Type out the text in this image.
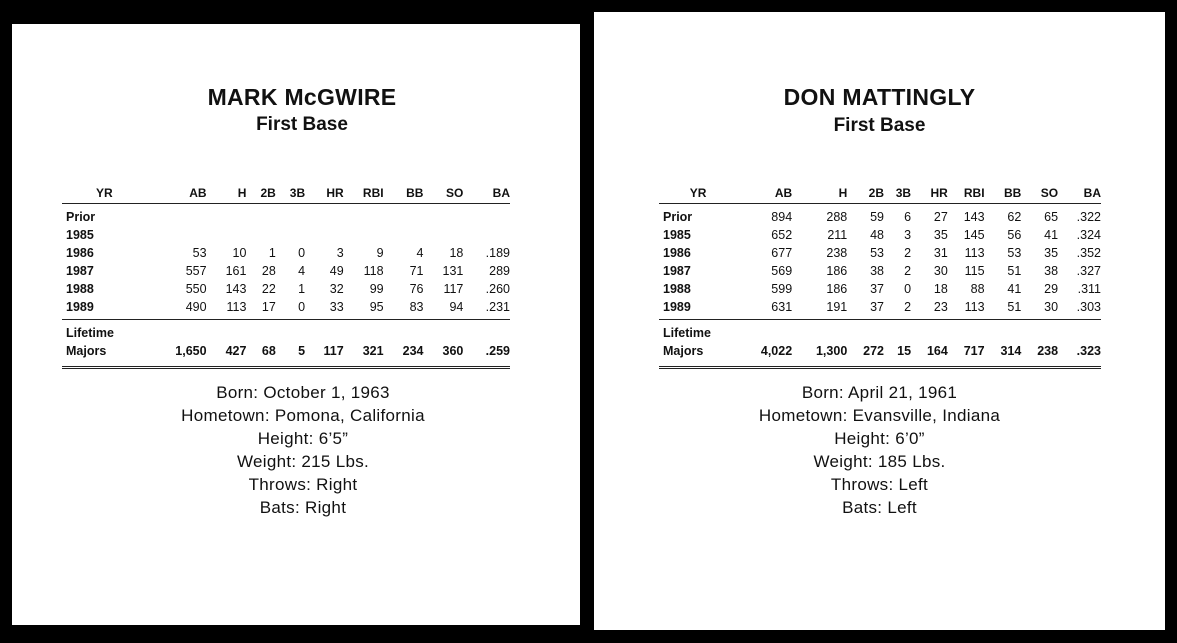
MARK McGWIRE
First Base
YR	AB	H	2B	3B	HR	RBI	BB	SO	BA
Prior									
1985									
1986	53	10	1	0	3	9	4	18	.189
1987	557	161	28	4	49	118	71	131	289
1988	550	143	22	1	32	99	76	117	.260
1989	490	113	17	0	33	95	83	94	.231
Lifetime									
Majors	1,650	427	68	5	117	321	234	360	.259
Born: October 1, 1963
Hometown: Pomona, California
Height: 6’5”
Weight: 215 Lbs.
Throws: Right
Bats: Right
DON MATTINGLY
First Base
YR	AB	H	2B	3B	HR	RBI	BB	SO	BA
Prior	894	288	59	6	27	143	62	65	.322
1985	652	211	48	3	35	145	56	41	.324
1986	677	238	53	2	31	113	53	35	.352
1987	569	186	38	2	30	115	51	38	.327
1988	599	186	37	0	18	88	41	29	.311
1989	631	191	37	2	23	113	51	30	.303
Lifetime									
Majors	4,022	1,300	272	15	164	717	314	238	.323
Born: April 21, 1961
Hometown: Evansville, Indiana
Height: 6’0”
Weight: 185 Lbs.
Throws: Left
Bats: Left
